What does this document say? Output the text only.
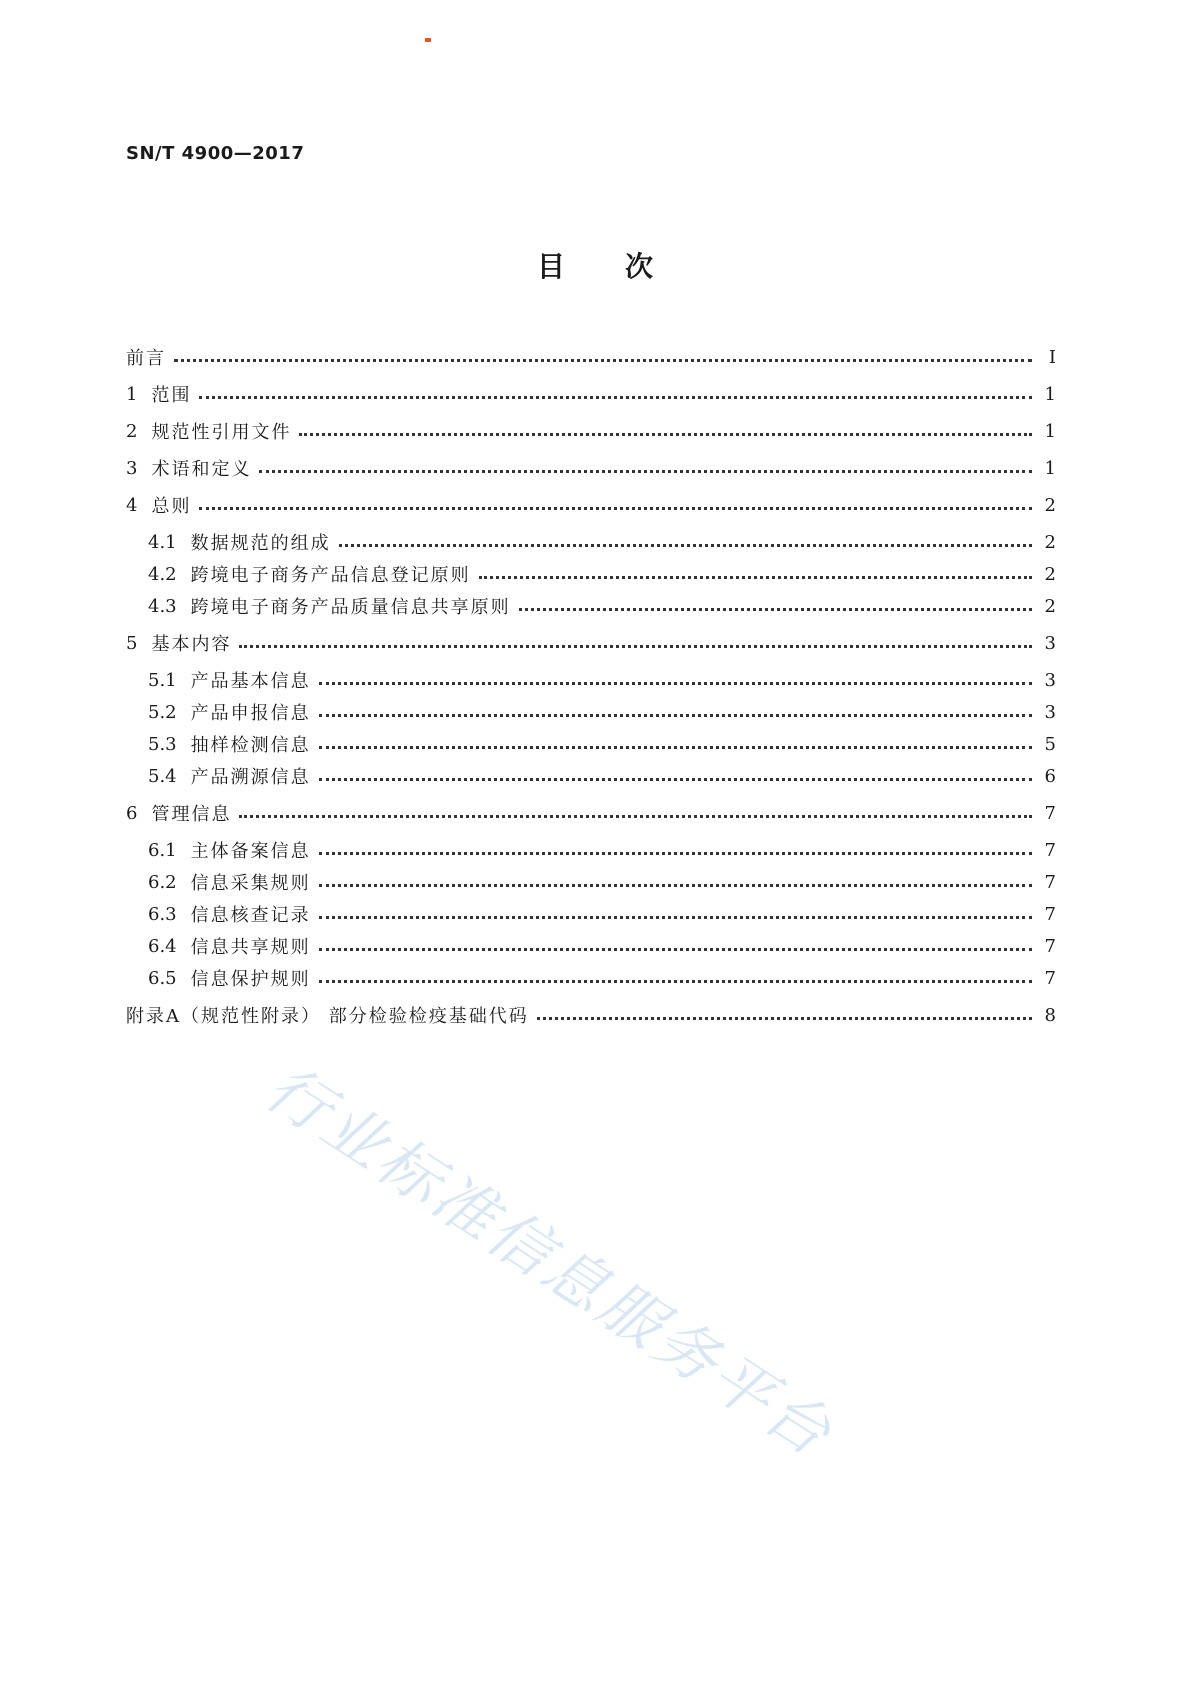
SN/T 4900—2017
目次
前言	Ⅰ
1 范围	1
2 规范性引用文件	1
3 术语和定义	1
4 总则	2
4.1 数据规范的组成	2
4.2 跨境电子商务产品信息登记原则	2
4.3 跨境电子商务产品质量信息共享原则	2
5 基本内容	3
5.1 产品基本信息	3
5.2 产品申报信息	3
5.3 抽样检测信息	5
5.4 产品溯源信息	6
6 管理信息	7
6.1 主体备案信息	7
6.2 信息采集规则	7
6.3 信息核查记录	7
6.4 信息共享规则	7
6.5 信息保护规则	7
附录A（规范性附录） 部分检验检疫基础代码	8
行业标准信息服务平台
